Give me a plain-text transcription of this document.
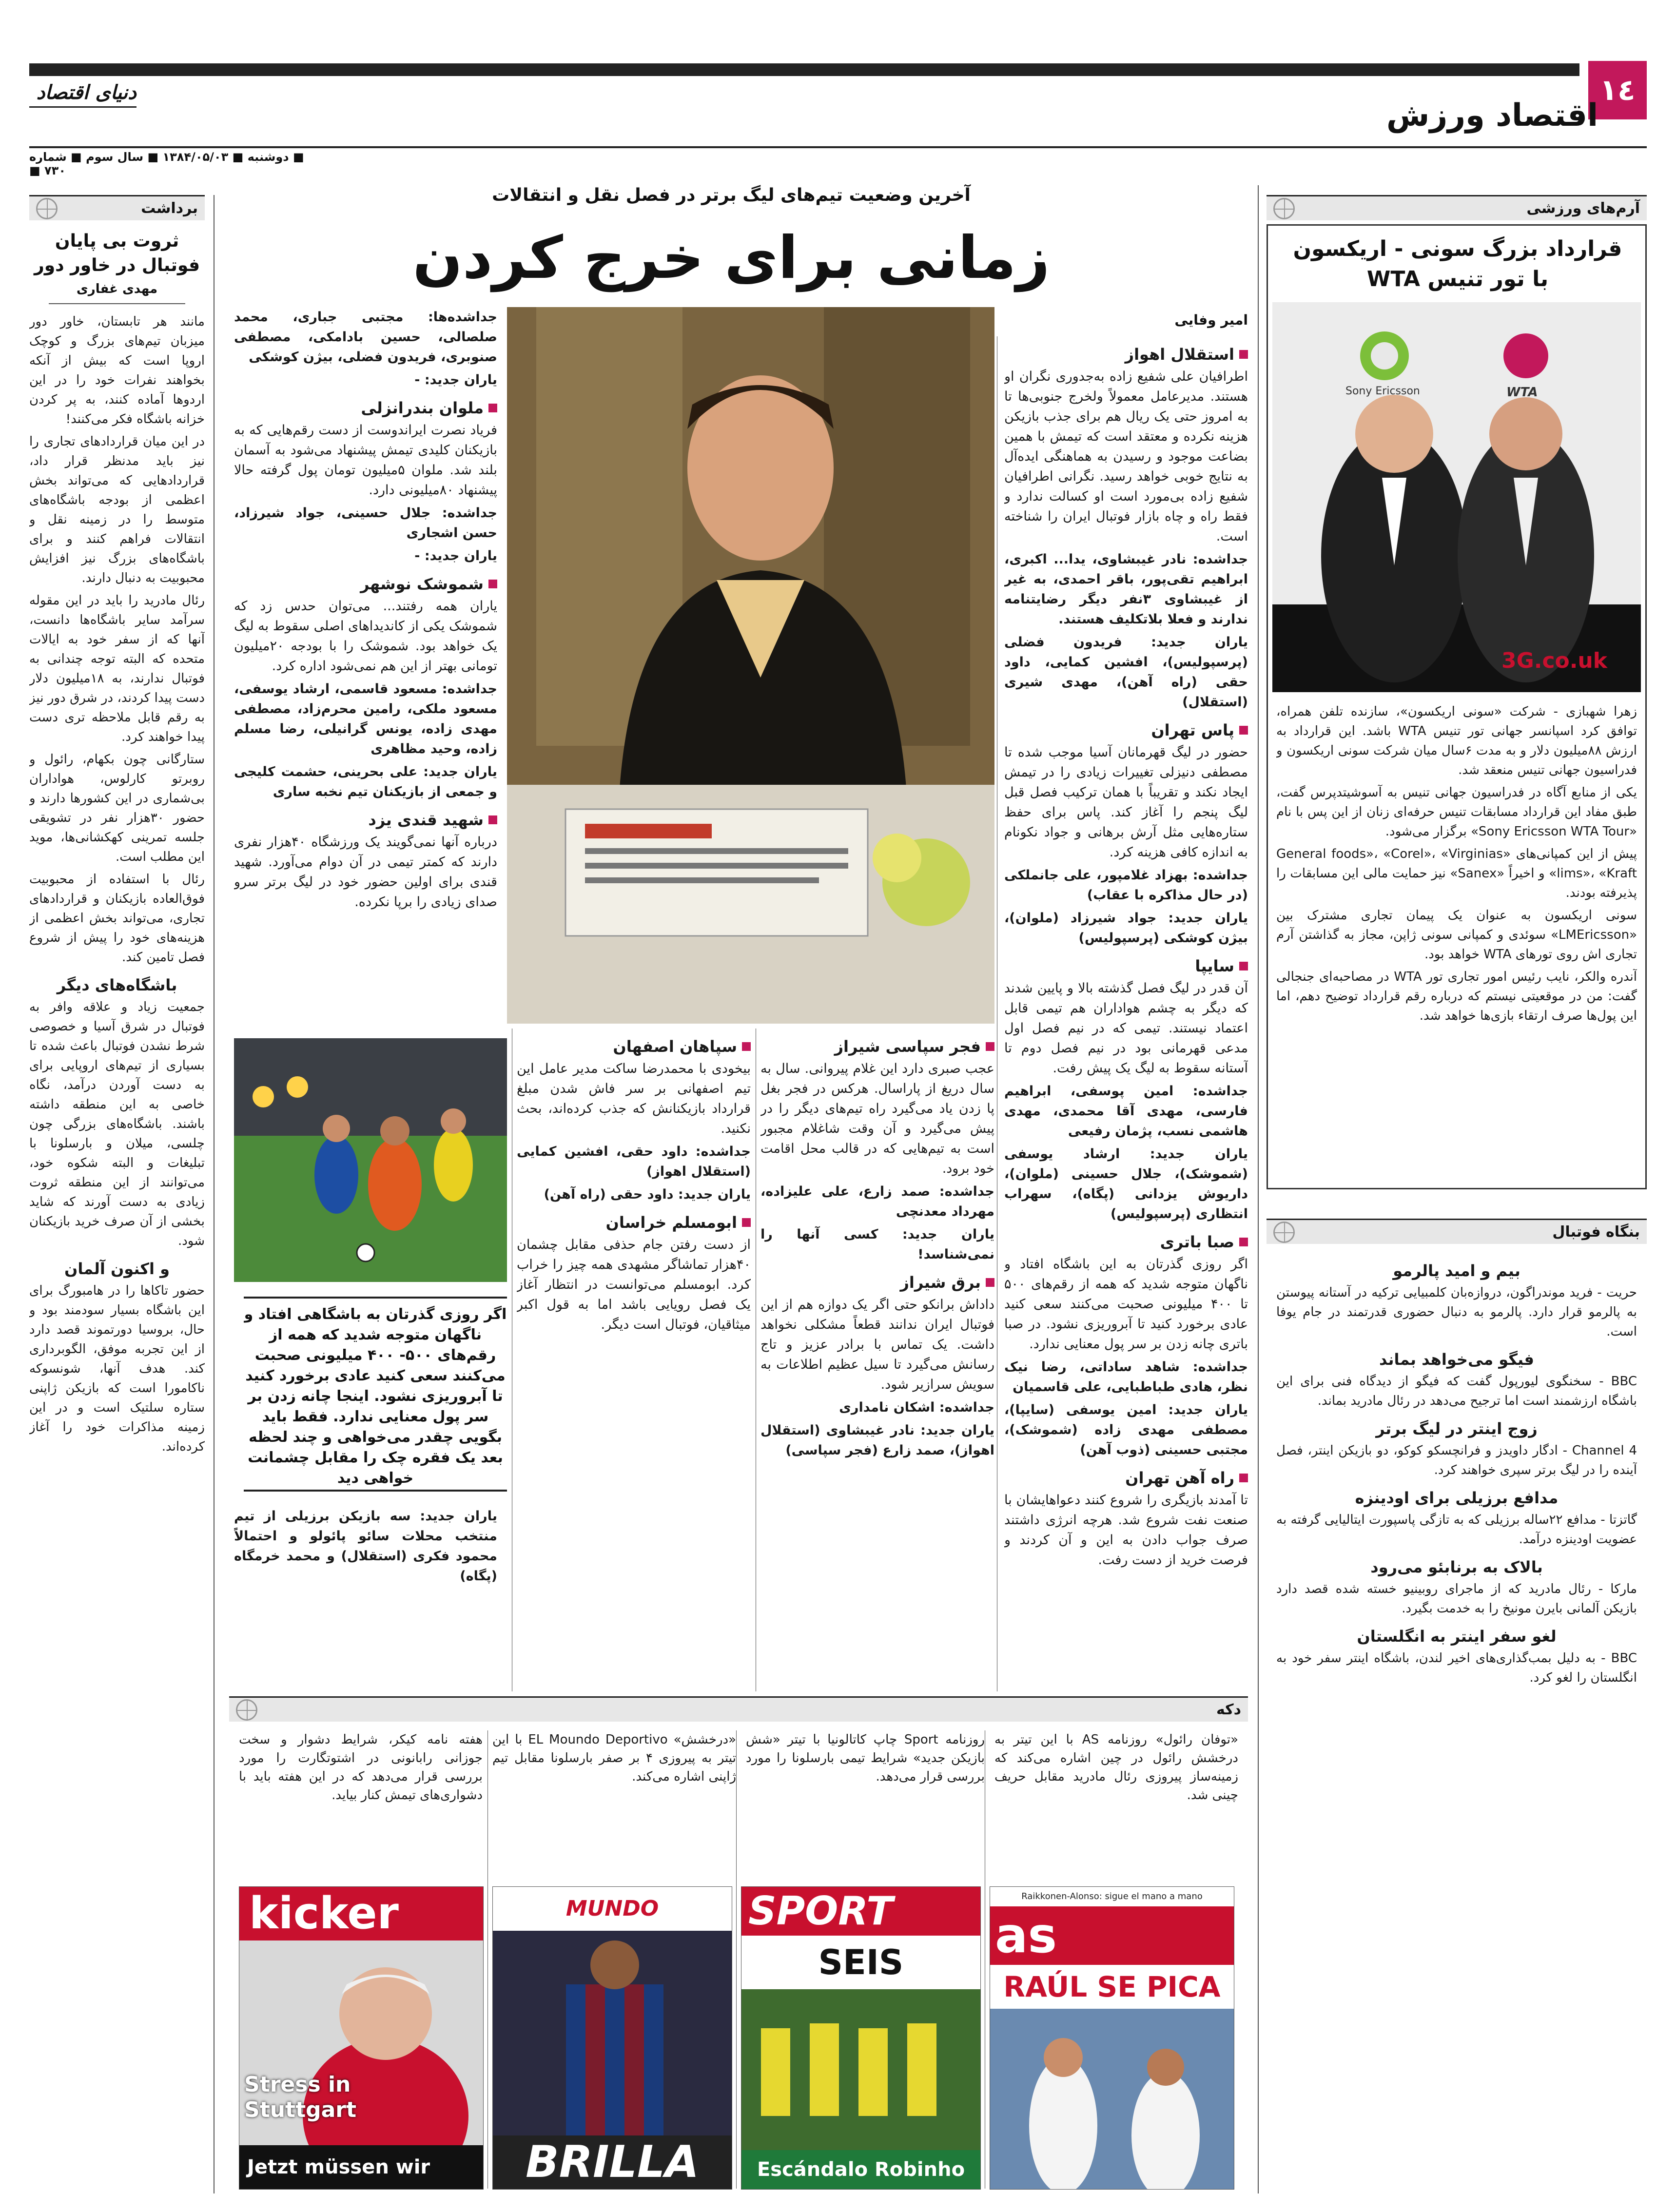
دنیای اقتصاد	١٤
اقتصاد ورزش
■ دوشنبه ■ ۱۳۸۴/۰۵/۰۳ ■ سال سوم ■ شماره ۷۳۰ ■
برداشت
ثروت بی پایان فوتبال در خاور دور
مهدی غفاری

مانند هر تابستان، خاور دور میزبان تیم‌های بزرگ و کوچک اروپا است که بیش از آنکه بخواهند نفرات خود را در این اردوها آماده کنند، به پر کردن خزانه باشگاه فکر می‌کنند!

در این میان قراردادهای تجاری را نیز باید مدنظر قرار داد، قراردادهایی که می‌تواند بخش اعظمی از بودجه باشگاه‌های متوسط را در زمینه نقل و انتقالات فراهم کنند و برای باشگاه‌های بزرگ نیز افزایش محبوبیت به دنبال دارند.

رئال مادرید را باید در این مقوله سرآمد سایر باشگاه‌ها دانست، آنها که از سفر خود به ایالات متحده که البته توجه چندانی به فوتبال ندارند، به ۱۸میلیون دلار دست پیدا کردند، در شرق دور نیز به رقم قابل ملاحظه تری دست پیدا خواهند کرد.

ستارگانی چون بکهام، رائول و روبرتو کارلوس، هواداران بی‌شماری در این کشورها دارند و حضور ۳۰هزار نفر در تشویقی جلسه تمرینی کهکشانی‌ها، موید این مطلب است.

رئال با استفاده از محبوبیت فوق‌العاده بازیکنان و قراردادهای تجاری، می‌تواند بخش اعظمی از هزینه‌های خود را پیش از شروع فصل تامین کند.

باشگاه‌های دیگر

جمعیت زیاد و علاقه وافر به فوتبال در شرق آسیا و خصوصی شرط نشدن فوتبال باعث شده تا بسیاری از تیم‌های اروپایی برای به دست آوردن درآمد، نگاه خاصی به این منطقه داشته باشند. باشگاه‌های بزرگی چون چلسی، میلان و بارسلونا با تبلیغات و البته شکوه خود، می‌توانند از این منطقه ثروت زیادی به دست آورند که شاید بخشی از آن صرف خرید بازیکنان شود.

و اکنون آلمان

حضور تاکاها را در هامبورگ برای این باشگاه بسیار سودمند بود و حال، بروسیا دورتموند قصد دارد از این تجربه موفق، الگوبرداری کند. هدف آنها، شونسوکه ناکامورا است که بازیکن ژاپنی ستاره سلتیک است و در این زمینه مذاکرات خود را آغاز کرده‌اند.

آخرین وضعیت تیم‌های لیگ برتر در فصل نقل و انتقالات
زمانی برای خرج کردن

جداشده‌ها: مجتبی جباری، محمد صلصالی، حسین بادامکی، مصطفی صنوبری، فریدون فضلی، بیژن کوشکی

یاران جدید: -

ملوان بندرانزلی

فریاد نصرت ایراندوست از دست رقم‌هایی که به بازیکنان کلیدی تیمش پیشنهاد می‌شود به آسمان بلند شد. ملوان ۵میلیون تومان پول گرفته حالا پیشنهاد ۸۰میلیونی دارد.

جداشده: جلال حسینی، جواد شیرزاد، حسن اشجاری

یاران جدید: -

شموشک نوشهر

یاران همه رفتند... می‌توان حدس زد که شموشک یکی از کاندیداهای اصلی سقوط به لیگ یک خواهد بود. شموشک را با بودجه ۲۰میلیون تومانی بهتر از این هم نمی‌شود اداره کرد.

جداشده: مسعود قاسمی، ارشاد یوسفی، مسعود ملکی، رامین محرم‌زاد، مصطفی مهدی زاده، یونس گرانیلی، رضا مسلم زاده، وحید مظاهری

یاران جدید: علی بحرینی، حشمت کلیجی و جمعی از بازیکنان تیم نخبه ساری

شهید قندی یزد

درباره آنها نمی‌گویند یک ورزشگاه ۴۰هزار نفری دارند که کمتر تیمی در آن دوام می‌آورد. شهید قندی برای اولین حضور خود در لیگ برتر سرو صدای زیادی را برپا نکرده.

امیر وفایی
استقلال اهواز

اطرافیان علی شفیع زاده به‌جدوری نگران او هستند. مدیرعامل معمولاً ولخرج جنوبی‌ها تا به امروز حتی یک ریال هم برای جذب بازیکن هزینه نکرده و معتقد است که تیمش با همین بضاعت موجود و رسیدن به هماهنگی ایده‌آل به نتایج خوبی خواهد رسید. نگرانی اطرافیان شفیع زاده بی‌مورد است او کسالت ندارد و فقط راه و چاه بازار فوتبال ایران را شناخته است.

جداشده: نادر غیبشاوی، یدا... اکبری، ابراهیم تقی‌پور، باقر احمدی، به غیر از غیبشاوی ۳نفر دیگر رضایتنامه ندارند و فعلا بلاتکلیف هستند.

یاران جدید: فریدون فضلی (پرسپولیس)، افشین کمایی، داود حقی (راه آهن)، مهدی شیری (استقلال)

پاس تهران

حضور در لیگ قهرمانان آسیا موجب شده تا مصطفی دنیزلی تغییرات زیادی را در تیمش ایجاد نکند و تقریباً با همان ترکیب فصل قبل لیگ پنجم را آغاز کند. پاس برای حفظ ستاره‌هایی مثل آرش برهانی و جواد نکونام به اندازه کافی هزینه کرد.

جداشده: بهزاد غلامپور، علی جانملکی (در حال مذاکره با عقاب)

یاران جدید: جواد شیرزاد (ملوان)، بیژن کوشکی (پرسپولیس)

سایپا

آن قدر در لیگ فصل گذشته بالا و پایین شدند که دیگر به چشم هواداران هم تیمی قابل اعتماد نیستند. تیمی که در نیم فصل اول مدعی قهرمانی بود در نیم فصل دوم تا آستانه سقوط به لیگ یک پیش رفت.

جداشده: امین پوسفی، ابراهیم فارسی، مهدی آقا محمدی، مهدی هاشمی نسب، پژمان رفیعی

یاران جدید: ارشاد یوسفی (شموشک)، جلال حسینی (ملوان)، داریوش یزدانی (پگاه)، سهراب انتظاری (پرسپولیس)

صبا باتری

اگر روزی گذرتان به این باشگاه افتاد و ناگهان متوجه شدید که همه از رقم‌های ۵۰۰ تا ۴۰۰ میلیونی صحبت می‌کنند سعی کنید عادی برخورد کنید تا آبروریزی نشود. در صبا باتری چانه زدن بر سر پول معنایی ندارد.

جداشده: شاهد ساداتی، رضا نیک نظر، هادی طباطبایی، علی قاسمیان

یاران جدید: امین یوسفی (سایپا)، مصطفی مهدی زاده (شموشک)، مجتبی حسینی (ذوب آهن)

راه آهن تهران

تا آمدند بازیگری را شروع کنند دعواهایشان با صنعت نفت شروع شد. هرچه انرژی داشتند صرف جواب دادن به این و آن کردند و فرصت خرید از دست رفت.

فجر سپاسی شیراز

عجب صبری دارد این غلام پیروانی. سال به سال دریغ از پاراسال. هرکس در فجر بغل پا زدن یاد می‌گیرد راه تیم‌های دیگر را در پیش می‌گیرد و آن وقت شاغلام مجبور است به تیم‌هایی که در قالب محل اقامت خود برود.

جداشده: صمد زارع، علی علیزاده، مهرداد معدنچی

یاران جدید: کسی آنها را نمی‌شناسد!

برق شیراز

داداش برانکو حتی اگر یک دوازه هم از این فوتبال ایران ندانند قطعاً مشکلی نخواهد داشت. یک تماس با برادر عزیز و تاج رسانش می‌گیرد تا سیل عظیم اطلاعات به سویش سرازیر شود.

جداشده: اشکان نامداری

یاران جدید: نادر غیبشاوی (استقلال اهواز)، صمد زارع (فجر سپاسی)

سپاهان اصفهان

بیخودی با محمدرضا ساکت مدیر عامل این تیم اصفهانی بر سر فاش شدن مبلغ قرارداد بازیکنانش که جذب کرده‌اند، بحث نکنید.

جداشده: داود حقی، افشین کمایی (استقلال اهواز)

یاران جدید: داود حقی (راه آهن)

ابومسلم خراسان

از دست رفتن جام حذفی مقابل چشمان ۴۰هزار تماشاگر مشهدی همه چیز را خراب کرد. ابومسلم می‌توانست در انتظار آغاز یک فصل رویایی باشد اما به قول اکبر میثاقیان، فوتبال است دیگر.

اگر روزی گذرتان به باشگاهی افتاد و ناگهان متوجه شدید که همه از رقم‌های ۵۰۰- ۴۰۰ میلیونی صحبت می‌کنند سعی کنید عادی برخورد کنید تا آبروریزی نشود. اینجا چانه زدن بر سر پول معنایی ندارد. فقط باید بگویی چقدر می‌خواهی و چند لحظه بعد یک فقره چک را مقابل چشمانت خواهی دید

یاران جدید: سه بازیکن برزیلی از تیم منتخب محلات سائو پائولو و احتمالاً محمود فکری (استقلال) و محمد خرمگاه (پگاه)

آرم‌های ورزشی
قرارداد بزرگ سونی - اریکسون با تور تنیس WTA
Sony Ericsson	WTA
3G.co.uk

زهرا شهبازی - شرکت «سونی اریکسون»، سازنده تلفن همراه، توافق کرد اسپانسر جهانی تور تنیس WTA باشد. این قرارداد به ارزش ۸۸میلیون دلار و به مدت ۶سال میان شرکت سونی اریکسون و فدراسیون جهانی تنیس منعقد شد.

یکی از منابع آگاه در فدراسیون جهانی تنیس به آسوشیتدپرس گفت، طبق مفاد این قرارداد مسابقات تنیس حرفه‌ای زنان از این پس با نام «Sony Ericsson WTA Tour» برگزار می‌شود.

پیش از این کمپانی‌های «General foods»، «Corel»، «Virginias lims»، «Kraft» و اخیراً «Sanex» نیز حمایت مالی این مسابقات را پذیرفته بودند.

سونی اریکسون به عنوان یک پیمان تجاری مشترک بین «LMEricsson» سوئدی و کمپانی سونی ژاپن، مجاز به گذاشتن آرم تجاری اش روی تورهای WTA خواهد بود.

آندره والکر، نایب رئیس امور تجاری تور WTA در مصاحبه‌ای جنجالی گفت: من در موقعیتی نیستم که درباره رقم قرارداد توضیح دهم، اما این پول‌ها صرف ارتقاء بازی‌ها خواهد شد.

بنگاه فوتبال
بیم و امید پالرمو

حریت - فرید موندراگون، دروازه‌بان کلمبیایی ترکیه در آستانه پیوستن به پالرمو قرار دارد. پالرمو به دنبال حضوری قدرتمند در جام یوفا است.

فیگو می‌خواهد بماند

BBC - سخنگوی لیورپول گفت که فیگو از دیدگاه فنی برای این باشگاه ارزشمند است اما ترجیح می‌دهد در رئال مادرید بماند.

زوج اینتر در لیگ برتر

Channel 4 - ادگار داویدز و فرانچسکو کوکو، دو بازیکن اینتر، فصل آینده را در لیگ برتر سپری خواهند کرد.

مدافع برزیلی برای اودینزه

گاتزتا - مدافع ۲۲ساله برزیلی که به تازگی پاسپورت ایتالیایی گرفته به عضویت اودینزه درآمد.

بالاک به برنابئو می‌رود

مارکا - رئال مادرید که از ماجرای روبینیو خسته شده قصد دارد بازیکن آلمانی بایرن مونیخ را به خدمت بگیرد.

لغو سفر اینتر به انگلستان

BBC - به دلیل بمب‌گذاری‌های اخیر لندن، باشگاه اینتر سفر خود به انگلستان را لغو کرد.

دکه

«توفان رائول» روزنامه AS با این تیتر به درخشش رائول در چین اشاره می‌کند که زمینه‌ساز پیروزی رئال مادرید مقابل حریف چینی شد.

روزنامه Sport چاپ کاتالونیا با تیتر «شش بازیکن جدید» شرایط تیمی بارسلونا را مورد بررسی قرار می‌دهد.

«درخشش» EL Moundo Deportivo با این تیتر به پیروزی ۴ بر صفر بارسلونا مقابل تیم ژاپنی اشاره می‌کند.

هفته نامه کیکر، شرایط دشوار و سخت جوزانی رابانونی در اشتوتگارت را مورد بررسی قرار می‌دهد که در این هفته باید با دشواری‌های تیمش کنار بیاید.

Raikkonen-Alonso: sigue el mano a mano
as
RAÚL SE PICA
SPORT
SEIS
Escándalo Robinho
MUNDO
BRILLA
kicker
Stress in Stuttgart
Jetzt müssen wir
